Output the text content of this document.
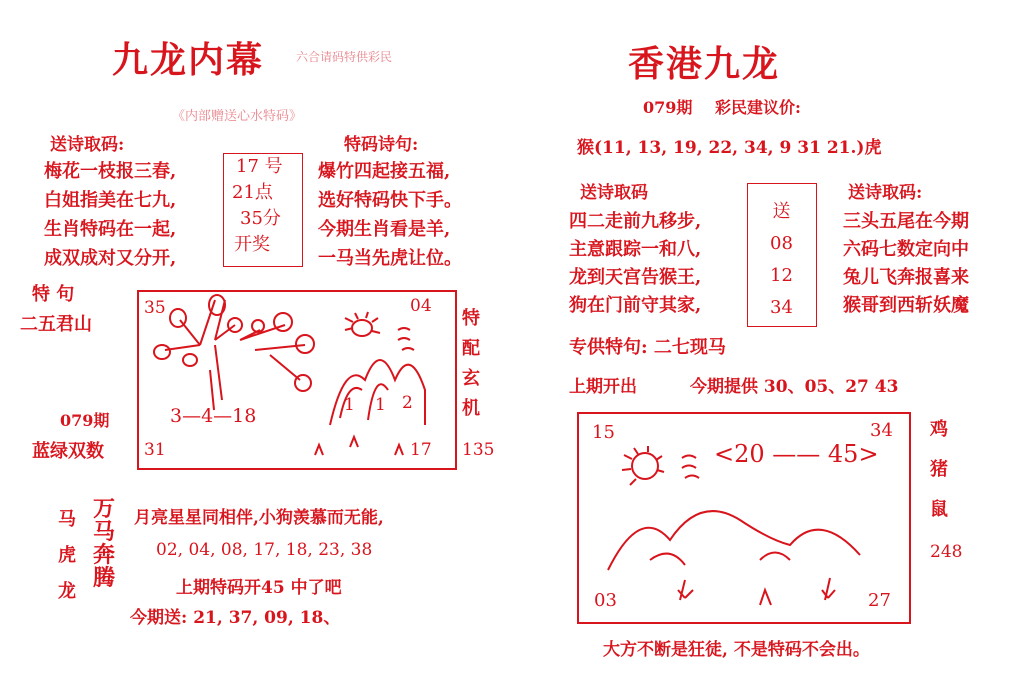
九龙内幕	六合请码特供彩民
《内部赠送心水特码》
送诗取码:
梅花一枝报三春,
白姐指美在七九,
生肖特码在一起,
成双成对又分开,
17 号
21点
35分
开奖
特码诗句:
爆竹四起接五福,
选好特码快下手。
今期生肖看是羊,
一马当先虎让位。
特 句
二五君山
079期
蓝绿双数
特
配
玄
机
135
35	04
31	17
3—4—18	1 1 2
马
虎
龙
万
马
奔
腾
月亮星星同相伴,小狗羡慕而无能,
02, 04, 08, 17, 18, 23, 38
上期特码开45 中了吧
今期送: 21, 37, 09, 18、
香港九龙
079期 彩民建议价:
猴(11, 13, 19, 22, 34, 9 31 21.)虎
送诗取码
四二走前九移步,
主意跟踪一和八,
龙到天宫告猴王,
狗在门前守其家,
送
08
12
34
送诗取码:
三头五尾在今期
六码七数定向中
兔儿飞奔报喜来
猴哥到西斩妖魔
专供特句: 二七现马
上期开出	今期提供 30、05、27 43
15	34
03	27
<20 —— 45>
鸡
猪
鼠
248
大方不断是狂徒, 不是特码不会出。
